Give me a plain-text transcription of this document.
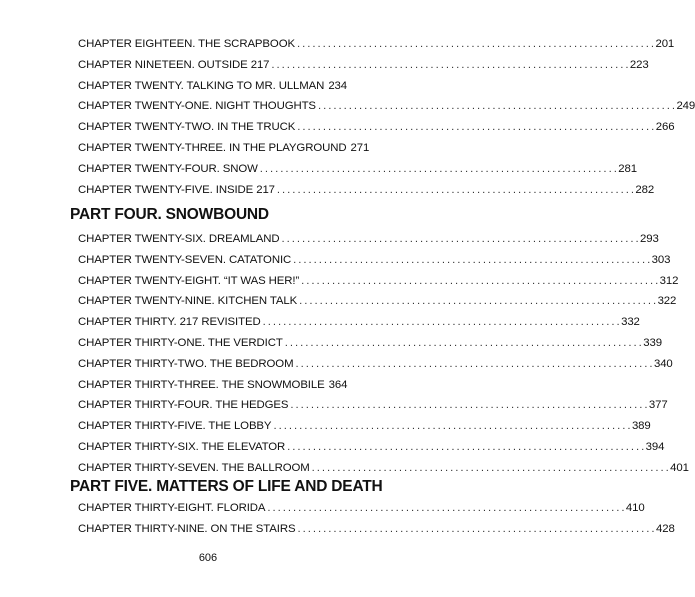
CHAPTER EIGHTEEN. THE SCRAPBOOK . . .	201
CHAPTER NINETEEN. OUTSIDE 217 . . .	223
CHAPTER TWENTY. TALKING TO MR. ULLMAN 234
CHAPTER TWENTY-ONE. NIGHT THOUGHTS . . .	249
CHAPTER TWENTY-TWO. IN THE TRUCK . . .	266
CHAPTER TWENTY-THREE. IN THE PLAYGROUND 271
CHAPTER TWENTY-FOUR. SNOW . . .	281
CHAPTER TWENTY-FIVE. INSIDE 217 . . .	282
PART FOUR. SNOWBOUND
CHAPTER TWENTY-SIX. DREAMLAND . . .	293
CHAPTER TWENTY-SEVEN. CATATONIC . . .	303
CHAPTER TWENTY-EIGHT. “IT WAS HER!” . . .	312
CHAPTER TWENTY-NINE. KITCHEN TALK . . .	322
CHAPTER THIRTY. 217 REVISITED . . .	332
CHAPTER THIRTY-ONE. THE VERDICT . . .	339
CHAPTER THIRTY-TWO. THE BEDROOM . . .	340
CHAPTER THIRTY-THREE. THE SNOWMOBILE 364
CHAPTER THIRTY-FOUR. THE HEDGES . . .	377
CHAPTER THIRTY-FIVE. THE LOBBY . . .	389
CHAPTER THIRTY-SIX. THE ELEVATOR . . .	394
CHAPTER THIRTY-SEVEN. THE BALLROOM . . .	401
PART FIVE. MATTERS OF LIFE AND DEATH
CHAPTER THIRTY-EIGHT. FLORIDA . . .	410
CHAPTER THIRTY-NINE. ON THE STAIRS . . .	428
606
